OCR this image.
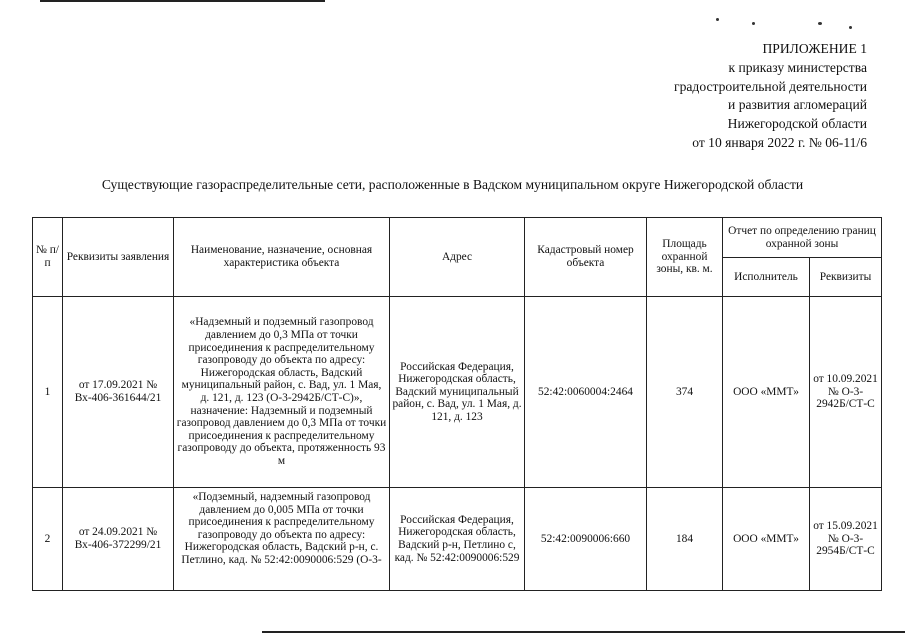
ПРИЛОЖЕНИЕ 1
к приказу министерства
градостроительной деятельности
и развития агломераций
Нижегородской области
от 10 января 2022 г. № 06-11/6
Существующие газораспределительные сети, расположенные в Вадском муниципальном округе Нижегородской области
№ п/п	Реквизиты заявления	Наименование, назначение, основная характеристика объекта	Адрес	Кадастровый номер объекта	Площадь охранной зоны, кв. м.	Отчет по определению границ охранной зоны	
						Исполнитель	Реквизиты
1	от 17.09.2021 № Вх-406-361644/21	«Надземный и подземный газопровод давлением до 0,3 МПа от точки присоединения к распределительному газопроводу до объекта по адресу: Нижегородская область, Вадский муниципальный район, с. Вад, ул. 1 Мая, д. 121, д. 123 (О-3-2942Б/СТ-С)», назначение: Надземный и подземный газопровод давлением до 0,3 МПа от точки присоединения к распределительному газопроводу до объекта, протяженность 93 м	Российская Федерация, Нижегородская область, Вадский муниципальный район, с. Вад, ул. 1 Мая, д. 121, д. 123	52:42:0060004:2464	374	ООО «ММТ»	от 10.09.2021 № О-3-2942Б/СТ-С
2	от 24.09.2021 № Вх-406-372299/21	«Подземный, надземный газопровод давлением до 0,005 МПа от точки присоединения к распределительному газопроводу до объекта по адресу: Нижегородская область, Вадский р-н, с. Петлино, кад. № 52:42:0090006:529 (О-3-	Российская Федерация, Нижегородская область, Вадский р-н, Петлино с, кад. № 52:42:0090006:529	52:42:0090006:660	184	ООО «ММТ»	от 15.09.2021 № О-3-2954Б/СТ-С
